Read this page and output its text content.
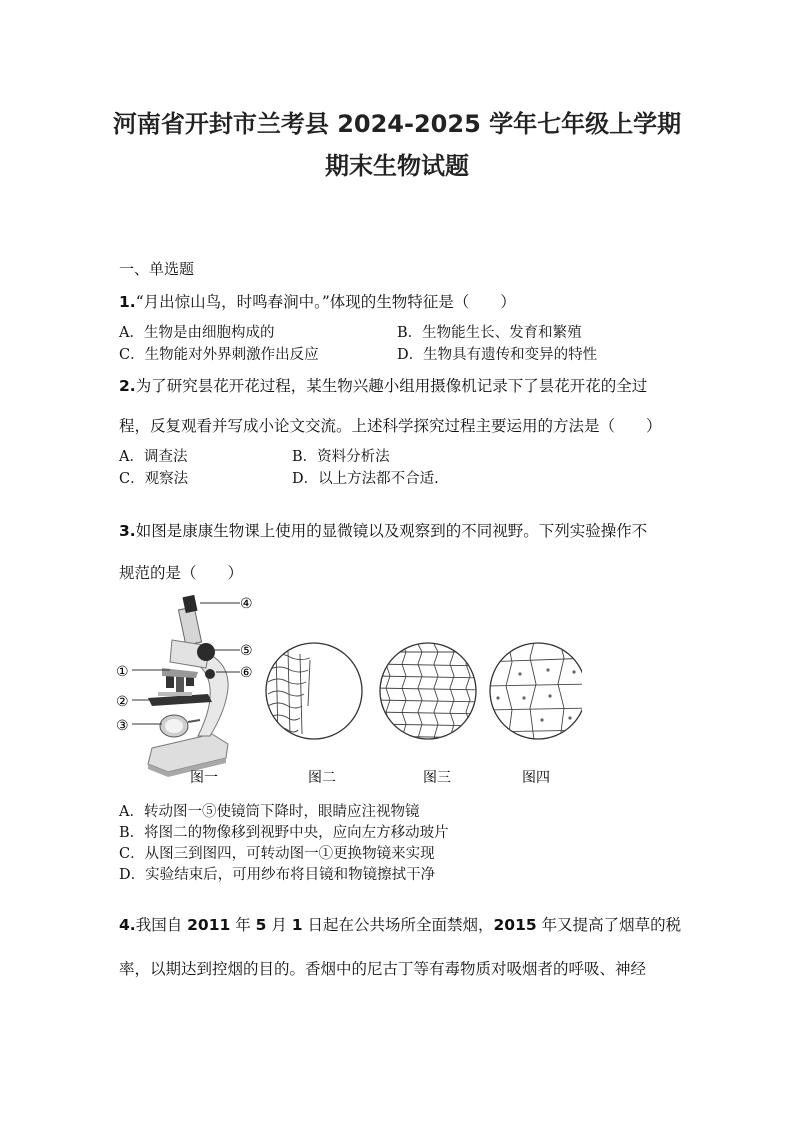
河南省开封市兰考县 2024-2025 学年七年级上学期
期末生物试题
一、单选题
1.“月出惊山鸟，时鸣春涧中。”体现的生物特征是（　　）
A．生物是由细胞构成的	B．生物能生长、发育和繁殖
C．生物能对外界刺激作出反应	D．生物具有遗传和变异的特性
2.为了研究昙花开花过程，某生物兴趣小组用摄像机记录下了昙花开花的全过
程，反复观看并写成小论文交流。上述科学探究过程主要运用的方法是（　　）
A．调查法	B．资料分析法
C．观察法	D．以上方法都不合适.
3.如图是康康生物课上使用的显微镜以及观察到的不同视野。下列实验操作不
规范的是（　　）
①
②
③
④
⑤
⑥
图一	图二	图三	图四
A．转动图一⑤使镜筒下降时，眼睛应注视物镜
B．将图二的物像移到视野中央，应向左方移动玻片
C．从图三到图四，可转动图一①更换物镜来实现
D．实验结束后，可用纱布将目镜和物镜擦拭干净
4.我国自 2011 年 5 月 1 日起在公共场所全面禁烟，2015 年又提高了烟草的税
率，以期达到控烟的目的。香烟中的尼古丁等有毒物质对吸烟者的呼吸、神经
